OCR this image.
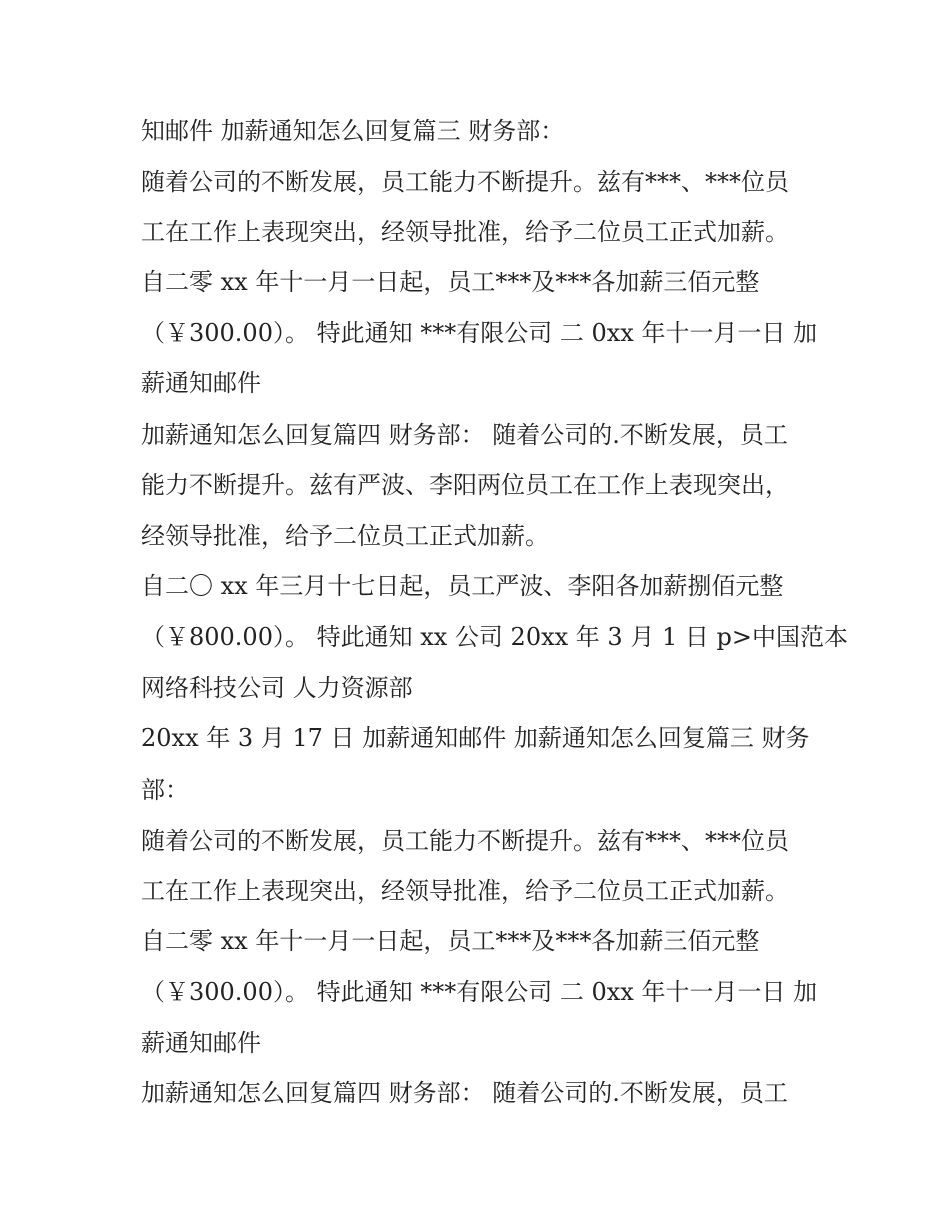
知邮件 加薪通知怎么回复篇三 财务部：
随着公司的不断发展，员工能力不断提升。兹有***、***位员
工在工作上表现突出，经领导批准，给予二位员工正式加薪。
自二零 xx 年十一月一日起，员工***及***各加薪三佰元整
（￥300.00）。 特此通知 ***有限公司 二 0xx 年十一月一日 加
薪通知邮件
加薪通知怎么回复篇四 财务部： 随着公司的.不断发展，员工
能力不断提升。兹有严波、李阳两位员工在工作上表现突出，
经领导批准，给予二位员工正式加薪。
自二〇 xx 年三月十七日起，员工严波、李阳各加薪捌佰元整
（￥800.00）。 特此通知 xx 公司 20xx 年 3 月 1 日 p>中国范本
网络科技公司 人力资源部
20xx 年 3 月 17 日 加薪通知邮件 加薪通知怎么回复篇三 财务
部：
随着公司的不断发展，员工能力不断提升。兹有***、***位员
工在工作上表现突出，经领导批准，给予二位员工正式加薪。
自二零 xx 年十一月一日起，员工***及***各加薪三佰元整
（￥300.00）。 特此通知 ***有限公司 二 0xx 年十一月一日 加
薪通知邮件
加薪通知怎么回复篇四 财务部： 随着公司的.不断发展，员工
